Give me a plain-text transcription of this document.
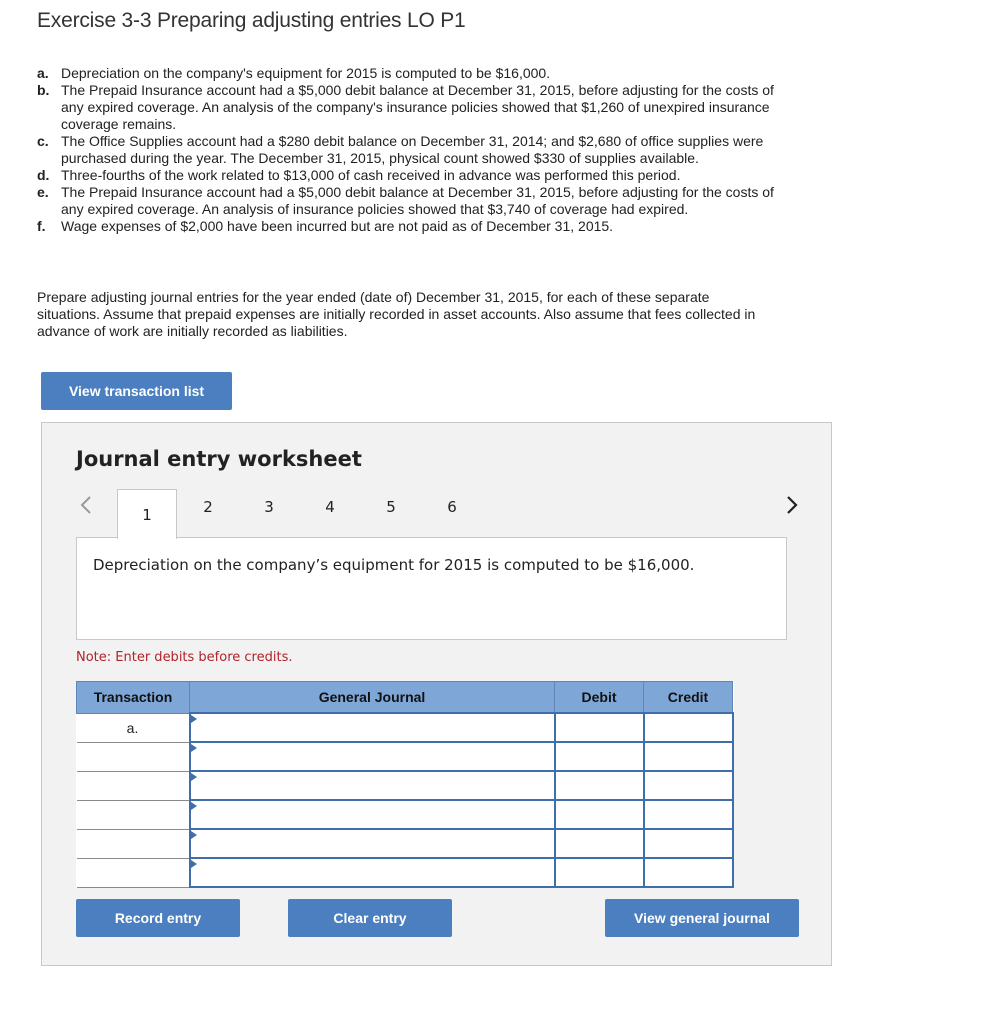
Exercise 3-3 Preparing adjusting entries LO P1
a. Depreciation on the company's equipment for 2015 is computed to be $16,000.
b. The Prepaid Insurance account had a $5,000 debit balance at December 31, 2015, before adjusting for the costs of any expired coverage. An analysis of the company's insurance policies showed that $1,260 of unexpired insurance coverage remains.
c. The Office Supplies account had a $280 debit balance on December 31, 2014; and $2,680 of office supplies were purchased during the year. The December 31, 2015, physical count showed $330 of supplies available.
d. Three-fourths of the work related to $13,000 of cash received in advance was performed this period.
e. The Prepaid Insurance account had a $5,000 debit balance at December 31, 2015, before adjusting for the costs of any expired coverage. An analysis of insurance policies showed that $3,740 of coverage had expired.
f. Wage expenses of $2,000 have been incurred but are not paid as of December 31, 2015.
Prepare adjusting journal entries for the year ended (date of) December 31, 2015, for each of these separate situations. Assume that prepaid expenses are initially recorded in asset accounts. Also assume that fees collected in advance of work are initially recorded as liabilities.
View transaction list
Journal entry worksheet
1	2	3	4	5	6
Depreciation on the company’s equipment for 2015 is computed to be $16,000.
Note: Enter debits before credits.
Transaction	General Journal	Debit	Credit
a.	

Record entry	Clear entry	View general journal
